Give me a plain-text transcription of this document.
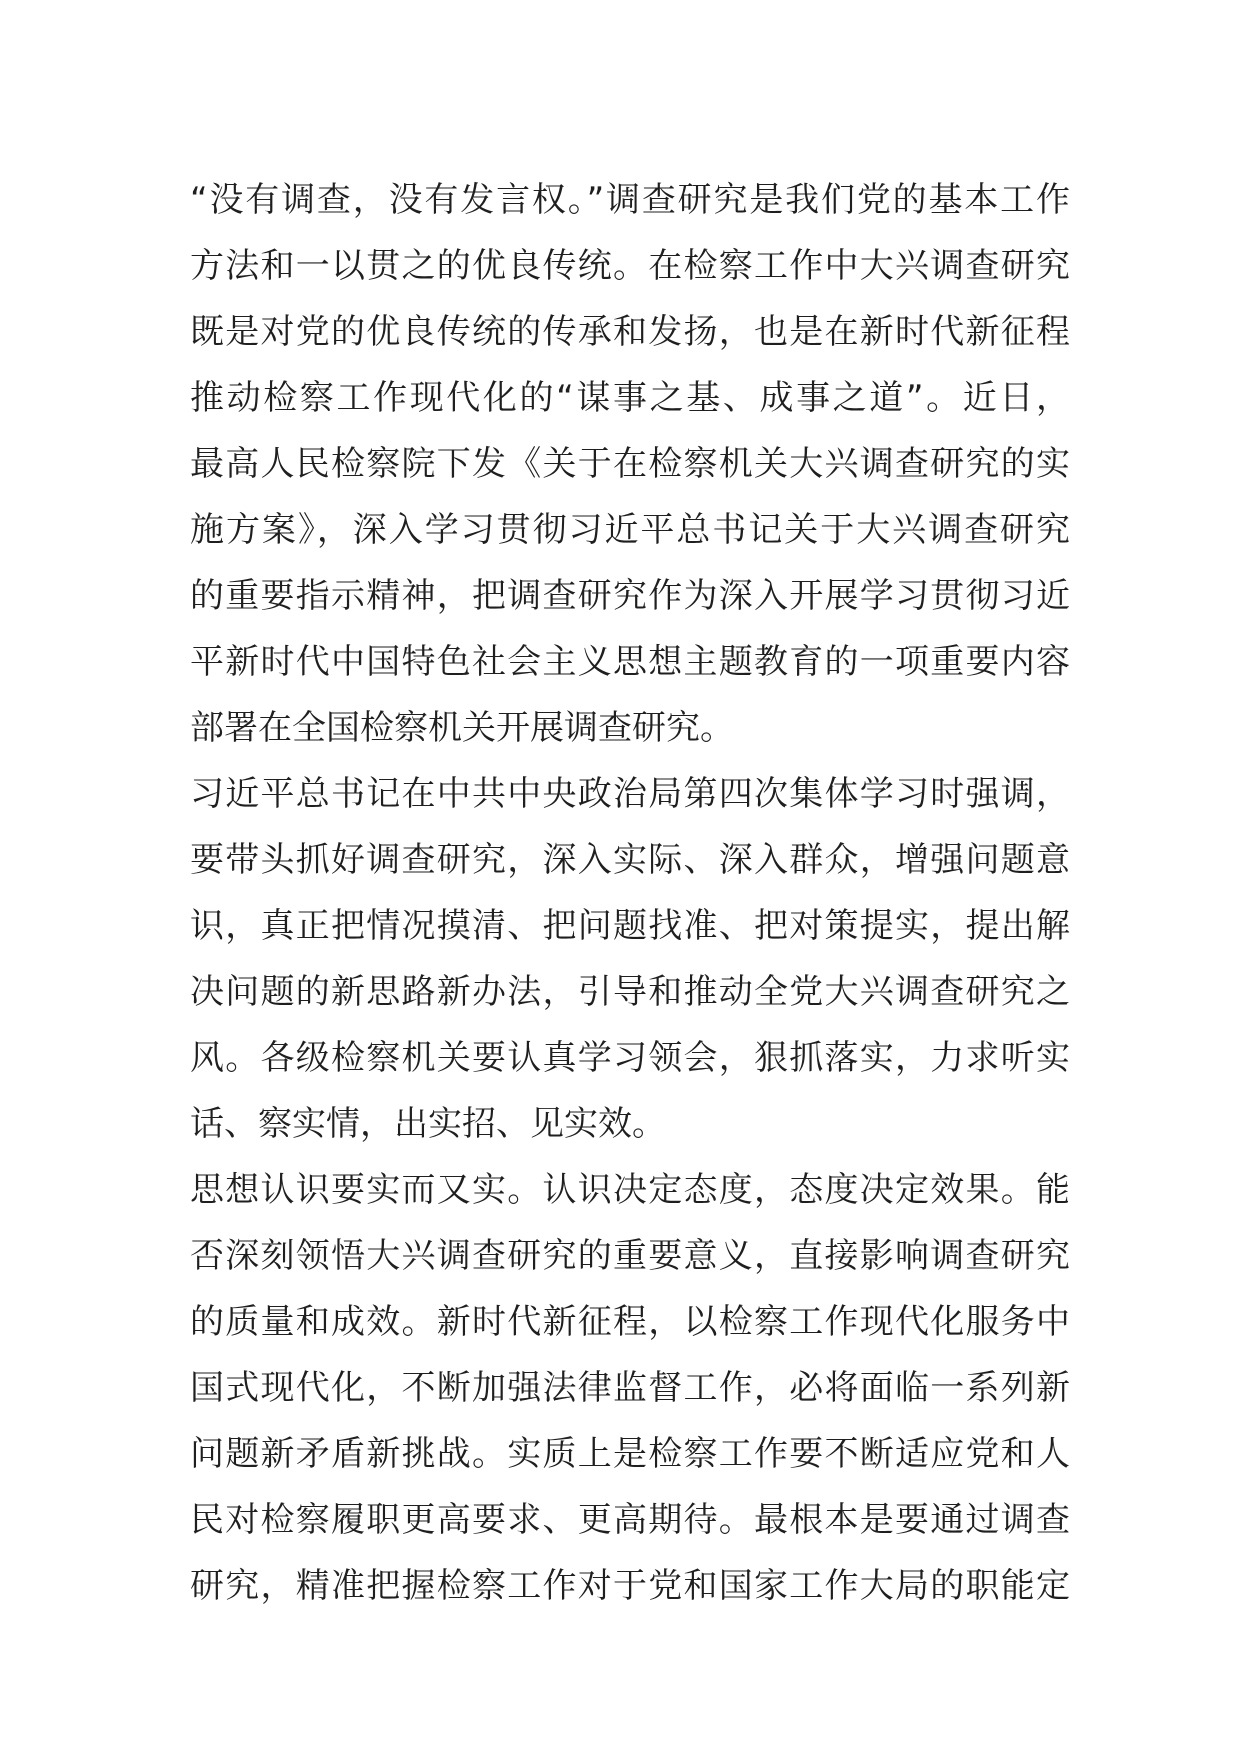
“没有调查，没有发言权。”调查研究是我们党的基本工作
方法和一以贯之的优良传统。在检察工作中大兴调查研究
既是对党的优良传统的传承和发扬，也是在新时代新征程
推动检察工作现代化的“谋事之基、成事之道”。近日，
最高人民检察院下发《关于在检察机关大兴调查研究的实
施方案》，深入学习贯彻习近平总书记关于大兴调查研究
的重要指示精神，把调查研究作为深入开展学习贯彻习近
平新时代中国特色社会主义思想主题教育的一项重要内容
部署在全国检察机关开展调查研究。
习近平总书记在中共中央政治局第四次集体学习时强调，
要带头抓好调查研究，深入实际、深入群众，增强问题意
识，真正把情况摸清、把问题找准、把对策提实，提出解
决问题的新思路新办法，引导和推动全党大兴调查研究之
风。各级检察机关要认真学习领会，狠抓落实，力求听实
话、察实情，出实招、见实效。
思想认识要实而又实。认识决定态度，态度决定效果。能
否深刻领悟大兴调查研究的重要意义，直接影响调查研究
的质量和成效。新时代新征程，以检察工作现代化服务中
国式现代化，不断加强法律监督工作，必将面临一系列新
问题新矛盾新挑战。实质上是检察工作要不断适应党和人
民对检察履职更高要求、更高期待。最根本是要通过调查
研究，精准把握检察工作对于党和国家工作大局的职能定
